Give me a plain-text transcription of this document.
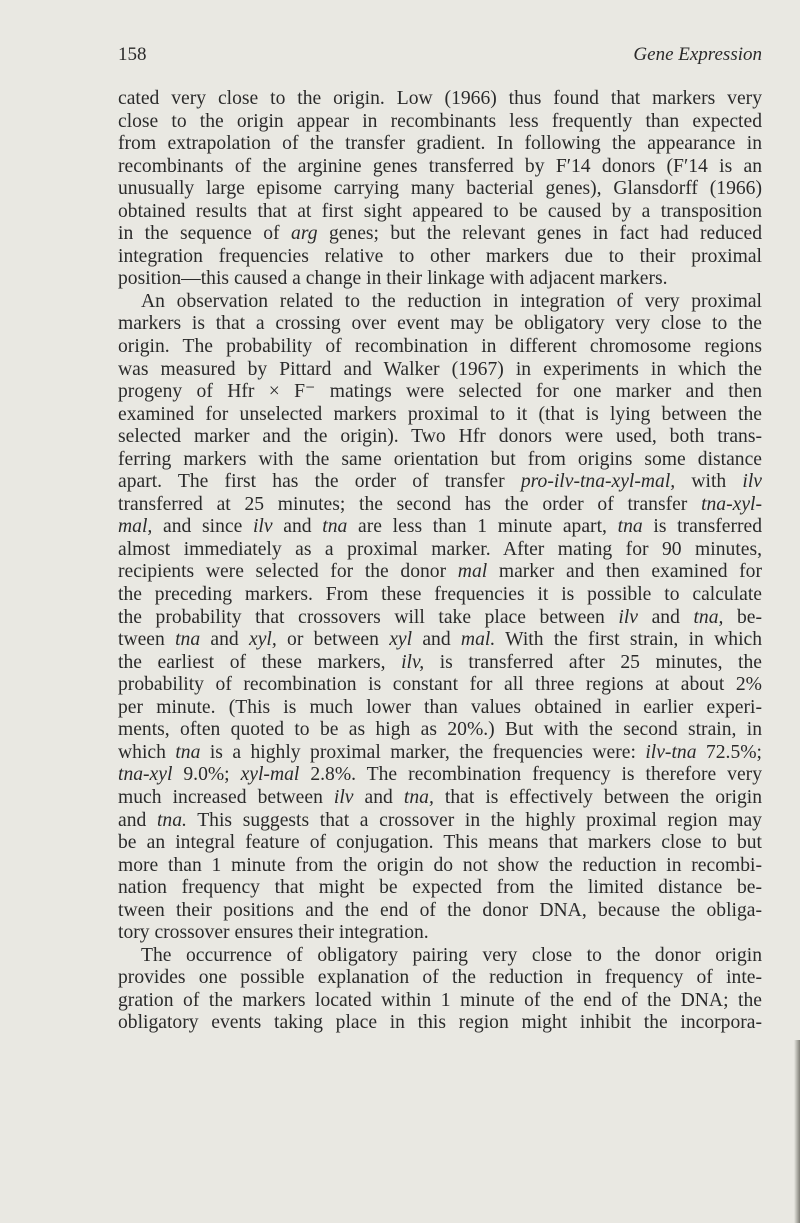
158	Gene Expression
cated very close to the origin. Low (1966) thus found that markers very
close to the origin appear in recombinants less frequently than expected
from extrapolation of the transfer gradient. In following the appearance in
recombinants of the arginine genes transferred by F′14 donors (F′14 is an
unusually large episome carrying many bacterial genes), Glansdorff (1966)
obtained results that at first sight appeared to be caused by a transposition
in the sequence of arg genes; but the relevant genes in fact had reduced
integration frequencies relative to other markers due to their proximal
position—this caused a change in their linkage with adjacent markers.
An observation related to the reduction in integration of very proximal
markers is that a crossing over event may be obligatory very close to the
origin. The probability of recombination in different chromosome regions
was measured by Pittard and Walker (1967) in experiments in which the
progeny of Hfr × F⁻ matings were selected for one marker and then
examined for unselected markers proximal to it (that is lying between the
selected marker and the origin). Two Hfr donors were used, both trans-
ferring markers with the same orientation but from origins some distance
apart. The first has the order of transfer pro-ilv-tna-xyl-mal, with ilv
transferred at 25 minutes; the second has the order of transfer tna-xyl-
mal, and since ilv and tna are less than 1 minute apart, tna is transferred
almost immediately as a proximal marker. After mating for 90 minutes,
recipients were selected for the donor mal marker and then examined for
the preceding markers. From these frequencies it is possible to calculate
the probability that crossovers will take place between ilv and tna, be-
tween tna and xyl, or between xyl and mal. With the first strain, in which
the earliest of these markers, ilv, is transferred after 25 minutes, the
probability of recombination is constant for all three regions at about 2%
per minute. (This is much lower than values obtained in earlier experi-
ments, often quoted to be as high as 20%.) But with the second strain, in
which tna is a highly proximal marker, the frequencies were: ilv-tna 72.5%;
tna-xyl 9.0%; xyl-mal 2.8%. The recombination frequency is therefore very
much increased between ilv and tna, that is effectively between the origin
and tna. This suggests that a crossover in the highly proximal region may
be an integral feature of conjugation. This means that markers close to but
more than 1 minute from the origin do not show the reduction in recombi-
nation frequency that might be expected from the limited distance be-
tween their positions and the end of the donor DNA, because the obliga-
tory crossover ensures their integration.
The occurrence of obligatory pairing very close to the donor origin
provides one possible explanation of the reduction in frequency of inte-
gration of the markers located within 1 minute of the end of the DNA; the
obligatory events taking place in this region might inhibit the incorpora-
